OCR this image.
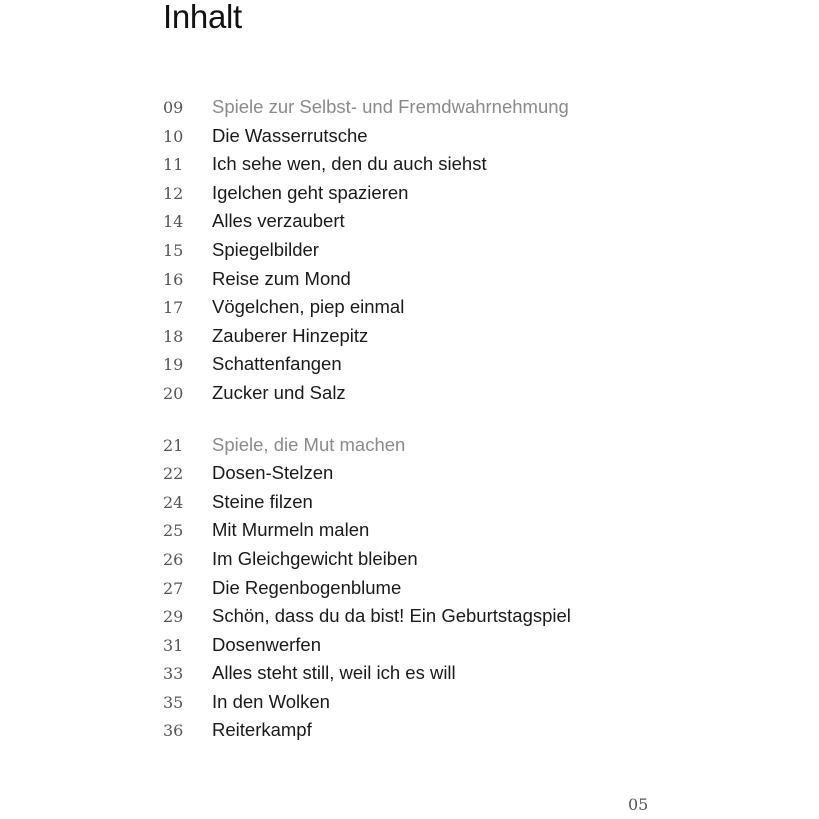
Inhalt
09	Spiele zur Selbst- und Fremdwahrnehmung
10	Die Wasserrutsche
11	Ich sehe wen, den du auch siehst
12	Igelchen geht spazieren
14	Alles verzaubert
15	Spiegelbilder
16	Reise zum Mond
17	Vögelchen, piep einmal
18	Zauberer Hinzepitz
19	Schattenfangen
20	Zucker und Salz
21	Spiele, die Mut machen
22	Dosen-Stelzen
24	Steine filzen
25	Mit Murmeln malen
26	Im Gleichgewicht bleiben
27	Die Regenbogenblume
29	Schön, dass du da bist! Ein Geburtstagspiel
31	Dosenwerfen
33	Alles steht still, weil ich es will
35	In den Wolken
36	Reiterkampf
05
